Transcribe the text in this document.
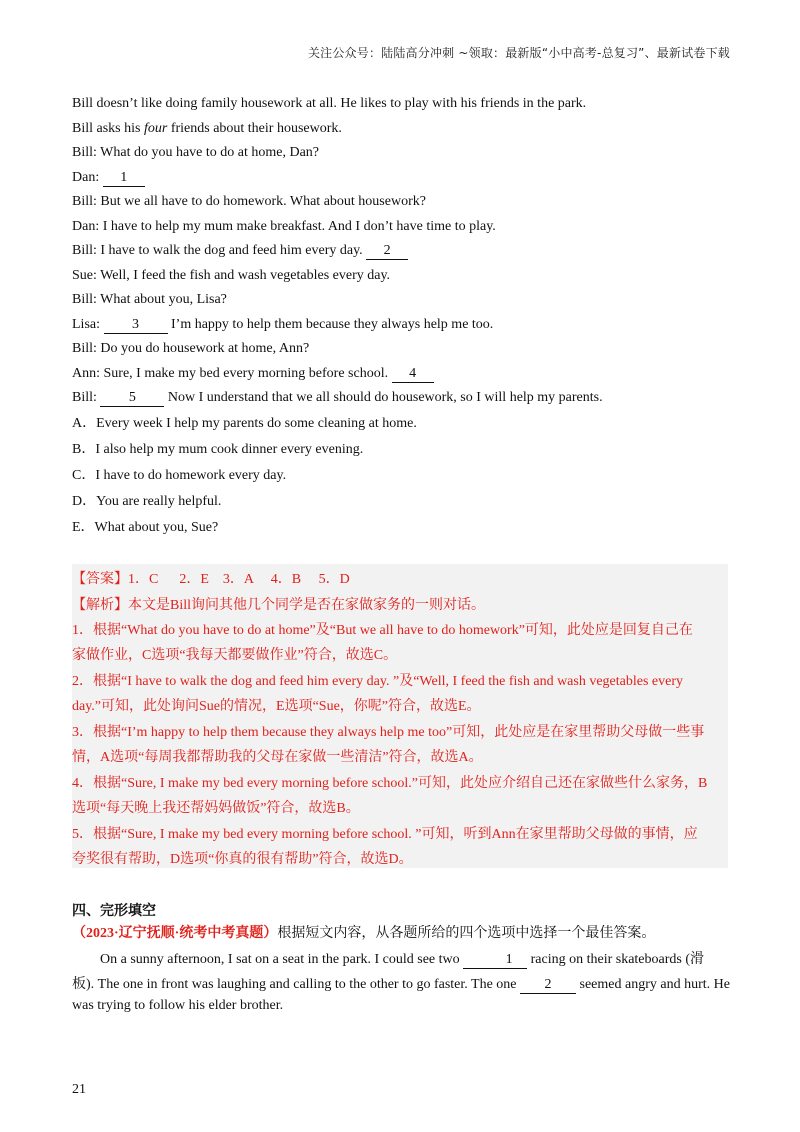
关注公众号：陆陆高分冲刺 ~领取：最新版“小中高考-总复习”、最新试卷下载
Bill doesn’t like doing family housework at all. He likes to play with his friends in the park.
Bill asks his four friends about their housework.
Bill: What do you have to do at home, Dan?
Dan: 1
Bill: But we all have to do homework. What about housework?
Dan: I have to help my mum make breakfast. And I don’t have time to play.
Bill: I have to walk the dog and feed him every day. 2
Sue: Well, I feed the fish and wash vegetables every day.
Bill: What about you, Lisa?
Lisa: 3 I’m happy to help them because they always help me too.
Bill: Do you do housework at home, Ann?
Ann: Sure, I make my bed every morning before school. 4
Bill: 5 Now I understand that we all should do housework, so I will help my parents.
A．Every week I help my parents do some cleaning at home.
B．I also help my mum cook dinner every evening.
C．I have to do homework every day.
D．You are really helpful.
E．What about you, Sue?
【答案】1．C      2．E    3．A     4．B     5．D
【解析】本文是Bill询问其他几个同学是否在家做家务的一则对话。
1．根据“What do you have to do at home”及“But we all have to do homework”可知，此处应是回复自己在
家做作业，C选项“我每天都要做作业”符合，故选C。
2．根据“I have to walk the dog and feed him every day. ”及“Well, I feed the fish and wash vegetables every
day.”可知，此处询问Sue的情况，E选项“Sue，你呢”符合，故选E。
3．根据“I’m happy to help them because they always help me too”可知，此处应是在家里帮助父母做一些事
情，A选项“每周我都帮助我的父母在家做一些清洁”符合，故选A。
4．根据“Sure, I make my bed every morning before school.”可知，此处应介绍自己还在家做些什么家务，B
选项“每天晚上我还帮妈妈做饭”符合，故选B。
5．根据“Sure, I make my bed every morning before school. ”可知，听到Ann在家里帮助父母做的事情，应
夸奖很有帮助，D选项“你真的很有帮助”符合，故选D。
四、完形填空
（2023·辽宁抚顺·统考中考真题）根据短文内容，从各题所给的四个选项中选择一个最佳答案。
On a sunny afternoon, I sat on a seat in the park. I could see two	1 racing on their skateboards (滑
板). The one in front was laughing and calling to the other to go faster. The one 2 seemed angry and hurt. He
was trying to follow his elder brother.
21
